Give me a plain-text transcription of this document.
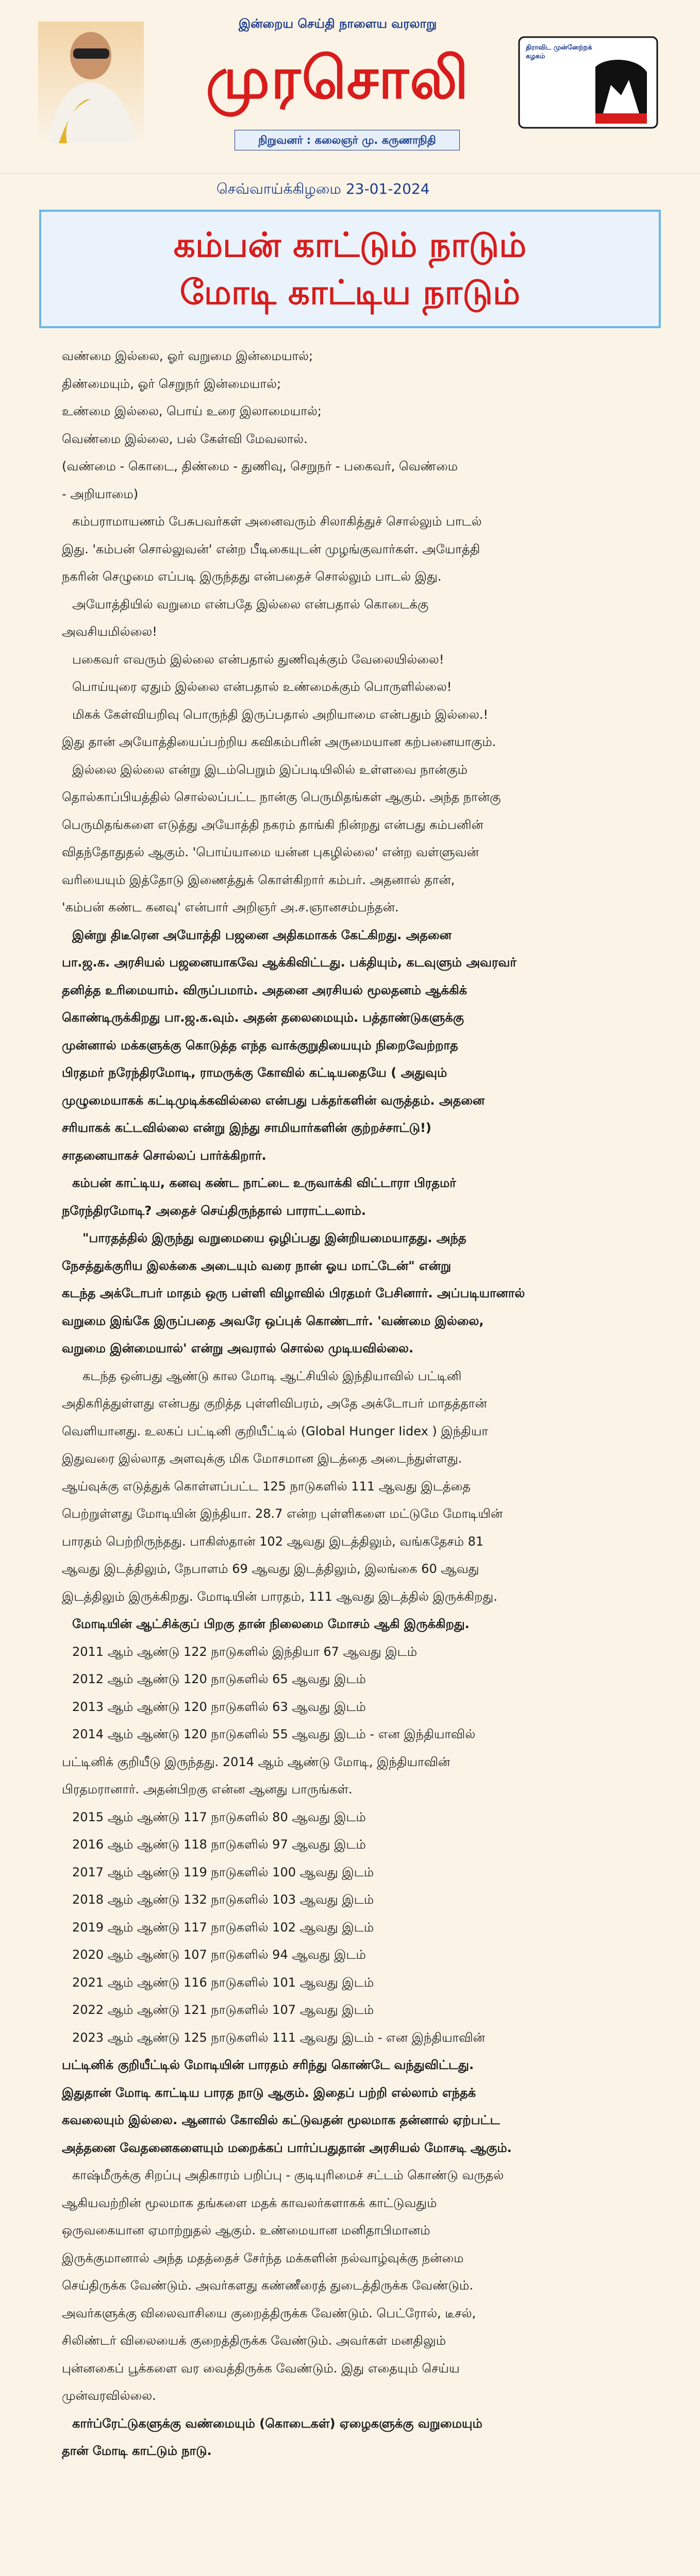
இன்றைய செய்தி நாளைய வரலாறு
முரசொலி
நிறுவனர் : கலைஞர் மு. கருணாநிதி
திராவிட முன்னேற்றக் கழகம்
செவ்வாய்க்கிழமை 23-01-2024
கம்பன் காட்டும் நாடும்
மோடி காட்டிய நாடும்
வண்மை இல்லை, ஓர் வறுமை இன்மையால்;
திண்மையும், ஓர் செறுநர் இன்மையால்;
உண்மை இல்லை, பொய் உரை இலாமையால்;
வெண்மை இல்லை, பல் கேள்வி மேவலால்.
(வண்மை - கொடை, திண்மை - துணிவு, செறுநர் - பகைவர், வெண்மை
- அறியாமை)
கம்பராமாயணம் பேசுபவர்கள் அனைவரும் சிலாகித்துச் சொல்லும் பாடல்
இது. 'கம்பன் சொல்லுவன்' என்ற பீடிகையுடன் முழங்குவார்கள். அயோத்தி
நகரின் செழுமை எப்படி இருந்தது என்பதைச் சொல்லும் பாடல் இது.
அயோத்தியில் வறுமை என்பதே இல்லை என்பதால் கொடைக்கு
அவசியமில்லை!
பகைவர் எவரும் இல்லை என்பதால் துணிவுக்கும் வேலையில்லை!
பொய்யுரை ஏதும் இல்லை என்பதால் உண்மைக்கும் பொருளில்லை!
மிகக் கேள்வியறிவு பொருந்தி இருப்பதால் அறியாமை என்பதும் இல்லை.!
இது தான் அயோத்தியைப்பற்றிய கவிகம்பரின் அருமையான கற்பனையாகும்.
இல்லை இல்லை என்று இடம்பெறும் இப்படியிலில் உள்ளவை நான்கும்
தொல்காப்பியத்தில் சொல்லப்பட்ட நான்கு பெருமிதங்கள் ஆகும். அந்த நான்கு
பெருமிதங்களை எடுத்து அயோத்தி நகரம் தாங்கி நின்றது என்பது கம்பனின்
விதந்தோதுதல் ஆகும். 'பொய்யாமை யன்ன புகழில்லை' என்ற வள்ளுவன்
வரியையும் இத்தோடு இணைத்துக் கொள்கிறார் கம்பர். அதனால் தான்,
'கம்பன் கண்ட கனவு' என்பார் அறிஞர் அ.ச.ஞானசம்பந்தன்.
இன்று திடீரென அயோத்தி பஜனை அதிகமாகக் கேட்கிறது. அதனை
பா.ஜ.க. அரசியல் பஜனையாகவே ஆக்கிவிட்டது. பக்தியும், கடவுளும் அவரவர்
தனித்த உரிமையாம். விருப்பமாம். அதனை அரசியல் மூலதனம் ஆக்கிக்
கொண்டிருக்கிறது பா.ஜ.க.வும். அதன் தலைமையும். பத்தாண்டுகளுக்கு
முன்னால் மக்களுக்கு கொடுத்த எந்த வாக்குறுதியையும் நிறைவேற்றாத
பிரதமர் நரேந்திரமோடி, ராமருக்கு கோவில் கட்டியதையே ( அதுவும்
முழுமையாகக் கட்டிமுடிக்கவில்லை என்பது பக்தர்களின் வருத்தம். அதனை
சரியாகக் கட்டவில்லை என்று இந்து சாமியார்களின் குற்றச்சாட்டு!)
சாதனையாகச் சொல்லப் பார்க்கிறார்.
கம்பன் காட்டிய, கனவு கண்ட நாட்டை உருவாக்கி விட்டாரா பிரதமர்
நரேந்திரமோடி? அதைச் செய்திருந்தால் பாராட்டலாம்.
"பாரதத்தில் இருந்து வறுமையை ஒழிப்பது இன்றியமையாதது. அந்த
நேசத்துக்குரிய இலக்கை அடையும் வரை நான் ஓய மாட்டேன்" என்று
கடந்த அக்டோபர் மாதம் ஒரு பள்ளி விழாவில் பிரதமர் பேசினார். அப்படியானால்
வறுமை இங்கே இருப்பதை அவரே ஒப்புக் கொண்டார். 'வண்மை இல்லை,
வறுமை இன்மையால்' என்று அவரால் சொல்ல முடியவில்லை.
கடந்த ஒன்பது ஆண்டு கால மோடி ஆட்சியில் இந்தியாவில் பட்டினி
அதிகரித்துள்ளது என்பது குறித்த புள்ளிவிபரம், அதே அக்டோபர் மாதத்தான்
வெளியானது. உலகப் பட்டினி குறியீட்டில் (Global Hunger Iidex ) இந்தியா
இதுவரை இல்லாத அளவுக்கு மிக மோசமான இடத்தை அடைந்துள்ளது.
ஆய்வுக்கு எடுத்துக் கொள்ளப்பட்ட 125 நாடுகளில் 111 ஆவது இடத்தை
பெற்றுள்ளது மோடியின் இந்தியா. 28.7 என்ற புள்ளிகளை மட்டுமே மோடியின்
பாரதம் பெற்றிருந்தது. பாகிஸ்தான் 102 ஆவது இடத்திலும், வங்கதேசம் 81
ஆவது இடத்திலும், நேபாளம் 69 ஆவது இடத்திலும், இலங்கை 60 ஆவது
இடத்திலும் இருக்கிறது. மோடியின் பாரதம், 111 ஆவது இடத்தில் இருக்கிறது.
மோடியின் ஆட்சிக்குப் பிறகு தான் நிலைமை மோசம் ஆகி இருக்கிறது.
2011 ஆம் ஆண்டு 122 நாடுகளில் இந்தியா 67 ஆவது இடம்
2012 ஆம் ஆண்டு 120 நாடுகளில் 65 ஆவது இடம்
2013 ஆம் ஆண்டு 120 நாடுகளில் 63 ஆவது இடம்
2014 ஆம் ஆண்டு 120 நாடுகளில் 55 ஆவது இடம் - என இந்தியாவில்
பட்டினிக் குறியீடு இருந்தது. 2014 ஆம் ஆண்டு மோடி, இந்தியாவின்
பிரதமரானார். அதன்பிறகு என்ன ஆனது பாருங்கள்.
2015 ஆம் ஆண்டு 117 நாடுகளில் 80 ஆவது இடம்
2016 ஆம் ஆண்டு 118 நாடுகளில் 97 ஆவது இடம்
2017 ஆம் ஆண்டு 119 நாடுகளில் 100 ஆவது இடம்
2018 ஆம் ஆண்டு 132 நாடுகளில் 103 ஆவது இடம்
2019 ஆம் ஆண்டு 117 நாடுகளில் 102 ஆவது இடம்
2020 ஆம் ஆண்டு 107 நாடுகளில் 94 ஆவது இடம்
2021 ஆம் ஆண்டு 116 நாடுகளில் 101 ஆவது இடம்
2022 ஆம் ஆண்டு 121 நாடுகளில் 107 ஆவது இடம்
2023 ஆம் ஆண்டு 125 நாடுகளில் 111 ஆவது இடம் - என இந்தியாவின்
பட்டினிக் குறியீட்டில் மோடியின் பாரதம் சரிந்து கொண்டே வந்துவிட்டது.
இதுதான் மோடி காட்டிய பாரத நாடு ஆகும். இதைப் பற்றி எல்லாம் எந்தக்
கவலையும் இல்லை. ஆனால் கோவில் கட்டுவதன் மூலமாக தன்னால் ஏற்பட்ட
அத்தனை வேதனைகளையும் மறைக்கப் பார்ப்பதுதான் அரசியல் மோசடி ஆகும்.
காஷ்மீருக்கு சிறப்பு அதிகாரம் பறிப்பு - குடியுரிமைச் சட்டம் கொண்டு வருதல்
ஆகியவற்றின் மூலமாக தங்களை மதக் காவலர்களாகக் காட்டுவதும்
ஒருவகையான ஏமாற்றுதல் ஆகும். உண்மையான மனிதாபிமானம்
இருக்குமானால் அந்த மதத்தைச் சேர்ந்த மக்களின் நல்வாழ்வுக்கு நன்மை
செய்திருக்க வேண்டும். அவர்களது கண்ணீரைத் துடைத்திருக்க வேண்டும்.
அவர்களுக்கு விலைவாசியை குறைத்திருக்க வேண்டும். பெட்ரோல், டீசல்,
சிலிண்டர் விலையைக் குறைத்திருக்க வேண்டும். அவர்கள் மனதிலும்
புன்னகைப் பூக்களை வர வைத்திருக்க வேண்டும். இது எதையும் செய்ய
முன்வரவில்லை.
கார்ப்ரேட்டுகளுக்கு வண்மையும் (கொடைகள்) ஏழைகளுக்கு வறுமையும்
தான் மோடி காட்டும் நாடு.
